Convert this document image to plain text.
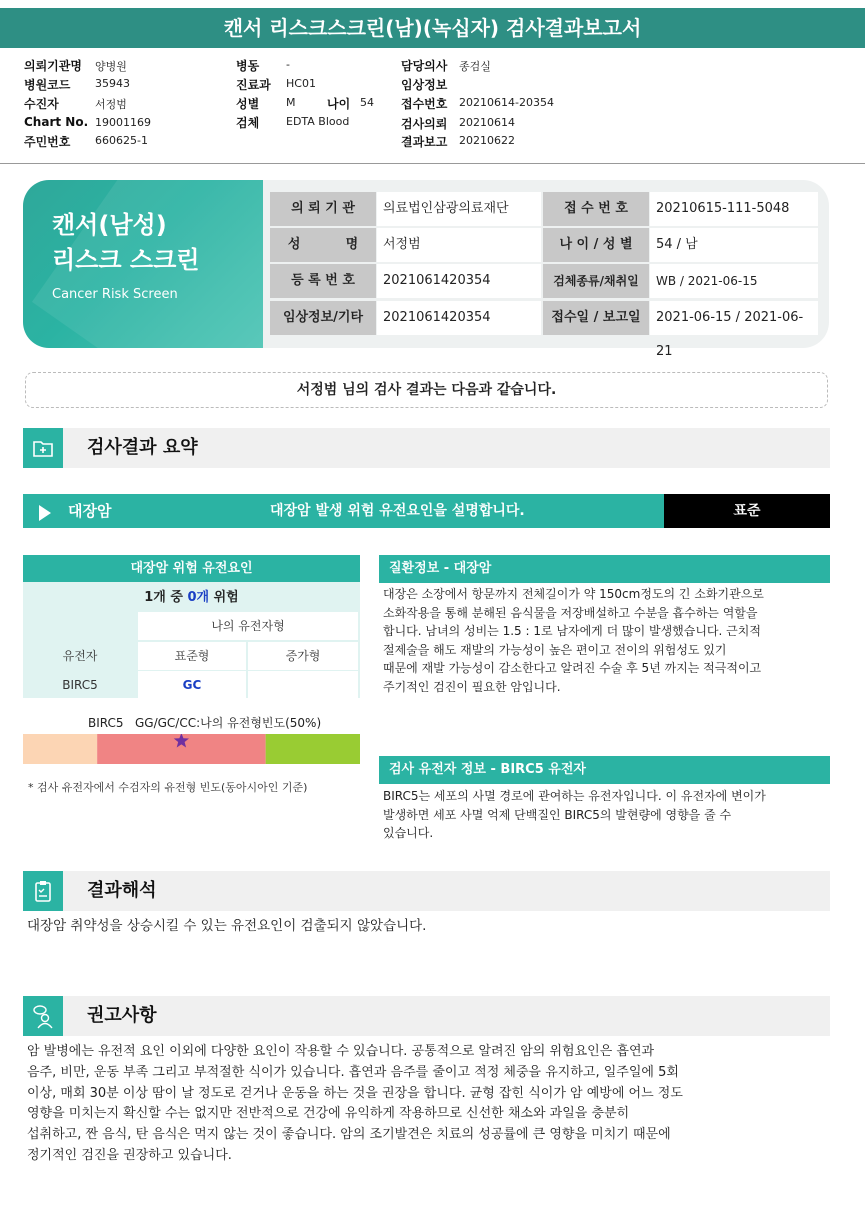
캔서 리스크스크린(남)(녹십자) 검사결과보고서
의뢰기관명 양병원
병원코드 35943
수진자	서정범
Chart No. 19001169
주민번호 660625-1
병동 -
진료과 HC01
성별 M	나이 54
검체 EDTA Blood
담당의사 종검실
임상정보
접수번호 20210614-20354
검사의뢰 20210614
결과보고 20210622
캔서(남성)
리스크 스크린
Cancer Risk Screen
의 뢰 기 관	의료법인삼광의료재단	접 수 번 호	20210615-111-5048
성          명	서정범	나 이 / 성 별	54 / 남
등 록 번 호	2021061420354	검체종류/채취일	WB / 2021-06-15
임상정보/기타	2021061420354	접수일 / 보고일	2021-06-15 / 2021-06-21
서정범 님의 검사 결과는 다음과 같습니다.
검사결과 요약
대장암	대장암 발생 위험 유전요인을 설명합니다.	표준
대장암 위험 유전요인
1개 중 0개 위험
나의 유전자형
유전자	표준형	증가형
BIRC5	GC
BIRC5   GG/GC/CC:나의 유전형빈도(50%)
* 검사 유전자에서 수검자의 유전형 빈도(동아시아인 기준)
질환정보 - 대장암
대장은 소장에서 항문까지 전체길이가 약 150cm정도의 긴 소화기관으로
소화작용을 통해 분해된 음식물을 저장배설하고 수분을 흡수하는 역할을
합니다. 남녀의 성비는 1.5 : 1로 남자에게 더 많이 발생했습니다. 근치적
절제술을 해도 재발의 가능성이 높은 편이고 전이의 위험성도 있기
때문에 재발 가능성이 감소한다고 알려진 수술 후 5년 까지는 적극적이고
주기적인 검진이 필요한 암입니다.
검사 유전자 정보 - BIRC5 유전자
BIRC5는 세포의 사멸 경로에 관여하는 유전자입니다. 이 유전자에 변이가
발생하면 세포 사멸 억제 단백질인 BIRC5의 발현량에 영향을 줄 수
있습니다.
결과해석
대장암 취약성을 상승시킬 수 있는 유전요인이 검출되지 않았습니다.
권고사항
암 발병에는 유전적 요인 이외에 다양한 요인이 작용할 수 있습니다. 공통적으로 알려진 암의 위험요인은 흡연과
음주, 비만, 운동 부족 그리고 부적절한 식이가 있습니다. 흡연과 음주를 줄이고 적정 체중을 유지하고, 일주일에 5회
이상, 매회 30분 이상 땀이 날 정도로 걷거나 운동을 하는 것을 권장을 합니다. 균형 잡힌 식이가 암 예방에 어느 정도
영향을 미치는지 확신할 수는 없지만 전반적으로 건강에 유익하게 작용하므로 신선한 채소와 과일을 충분히
섭취하고, 짠 음식, 탄 음식은 먹지 않는 것이 좋습니다. 암의 조기발견은 치료의 성공률에 큰 영향을 미치기 때문에
정기적인 검진을 권장하고 있습니다.
